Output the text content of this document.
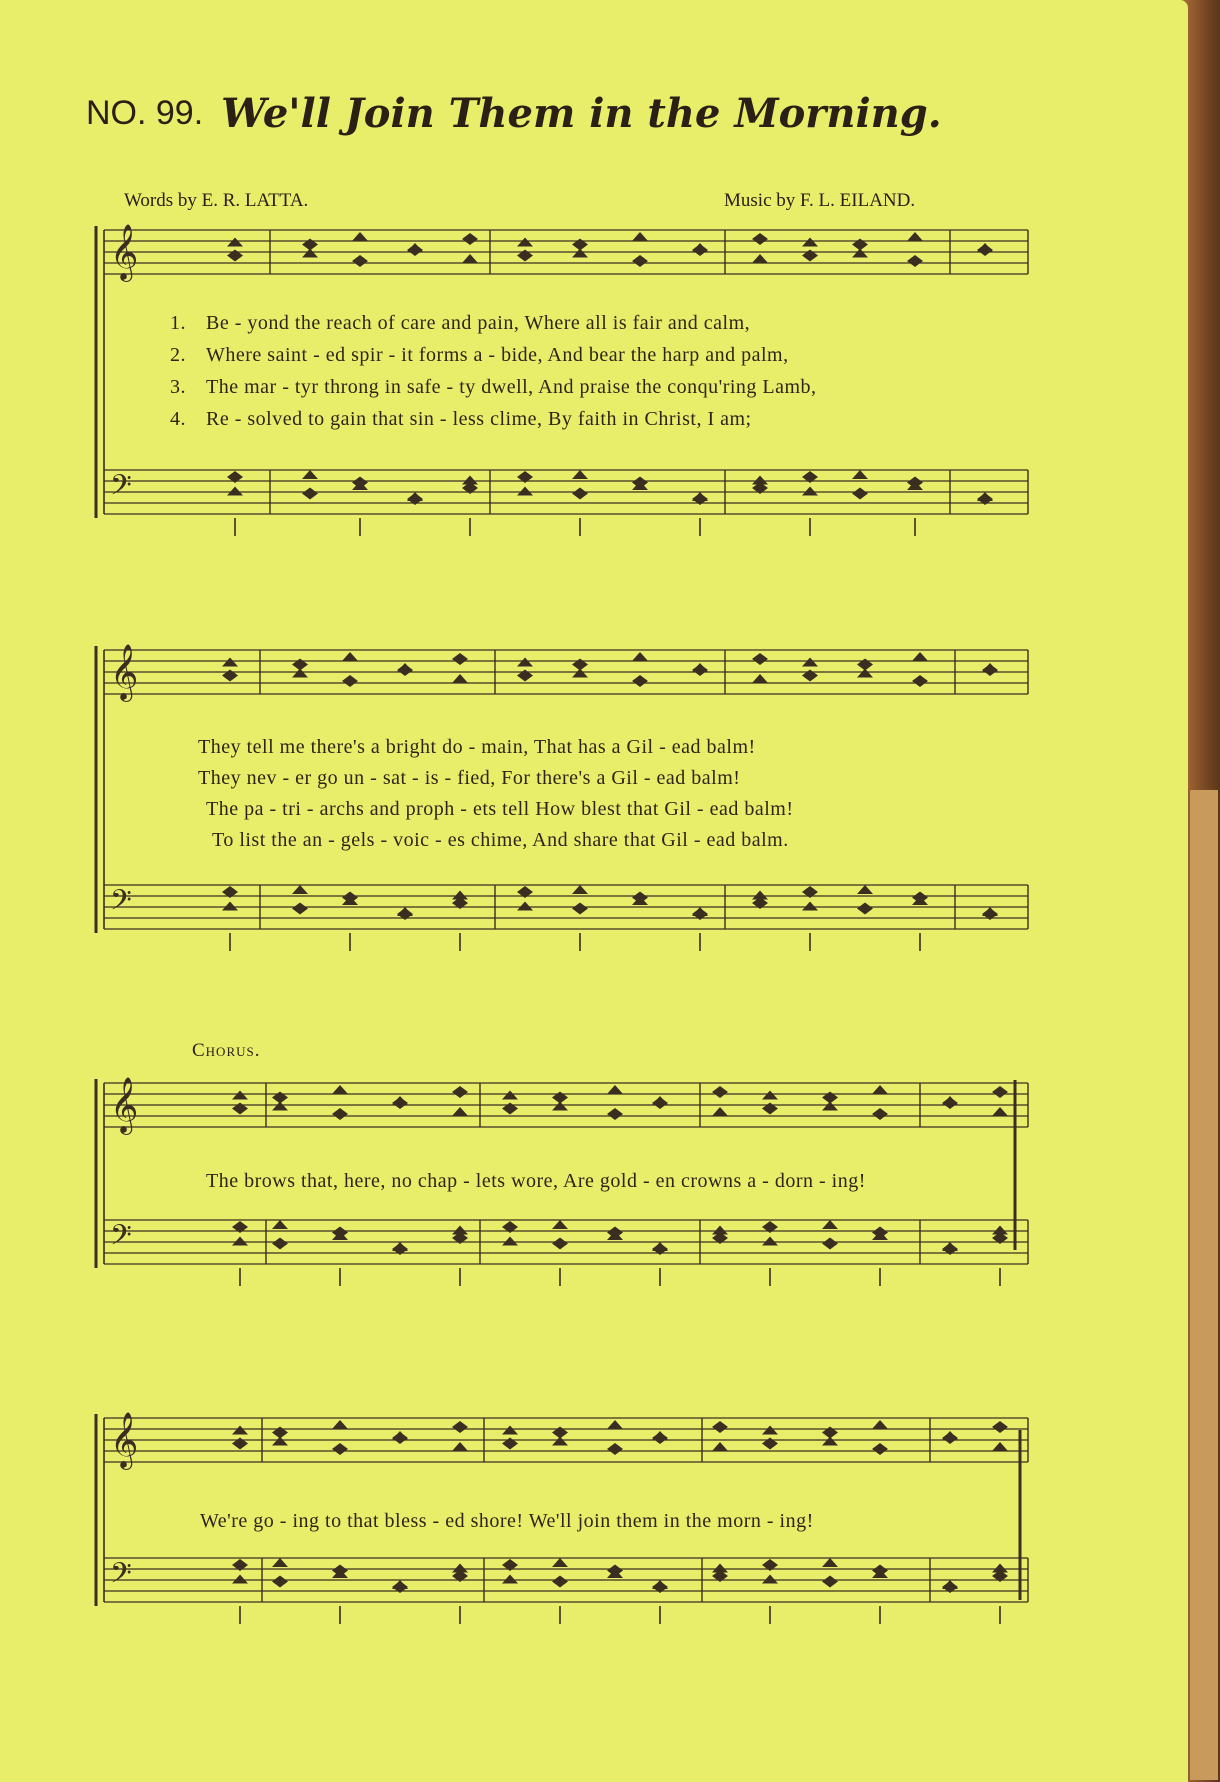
NO. 99. We'll Join Them in the Morning.
Words by E. R. LATTA.	Music by F. L. EILAND.
𝄞
𝄢
𝄞
𝄢
𝄞
𝄢
𝄞
𝄢
1. Be - yond the reach of care and pain, Where all is fair and calm,
2. Where saint - ed spir - it forms a - bide, And bear the harp and palm,
3. The mar - tyr throng in safe - ty dwell, And praise the conqu'ring Lamb,
4. Re - solved to gain that sin - less clime, By faith in Christ, I am;
They tell me there's a bright do - main, That has a Gil - ead balm!
They nev - er go un - sat - is - fied, For there's a Gil - ead balm!
The pa - tri - archs and proph - ets tell How blest that Gil - ead balm!
To list the an - gels - voic - es chime, And share that Gil - ead balm.
Chorus.
The brows that, here, no chap - lets wore, Are gold - en crowns a - dorn - ing!
We're go - ing to that bless - ed shore! We'll join them in the morn - ing!
